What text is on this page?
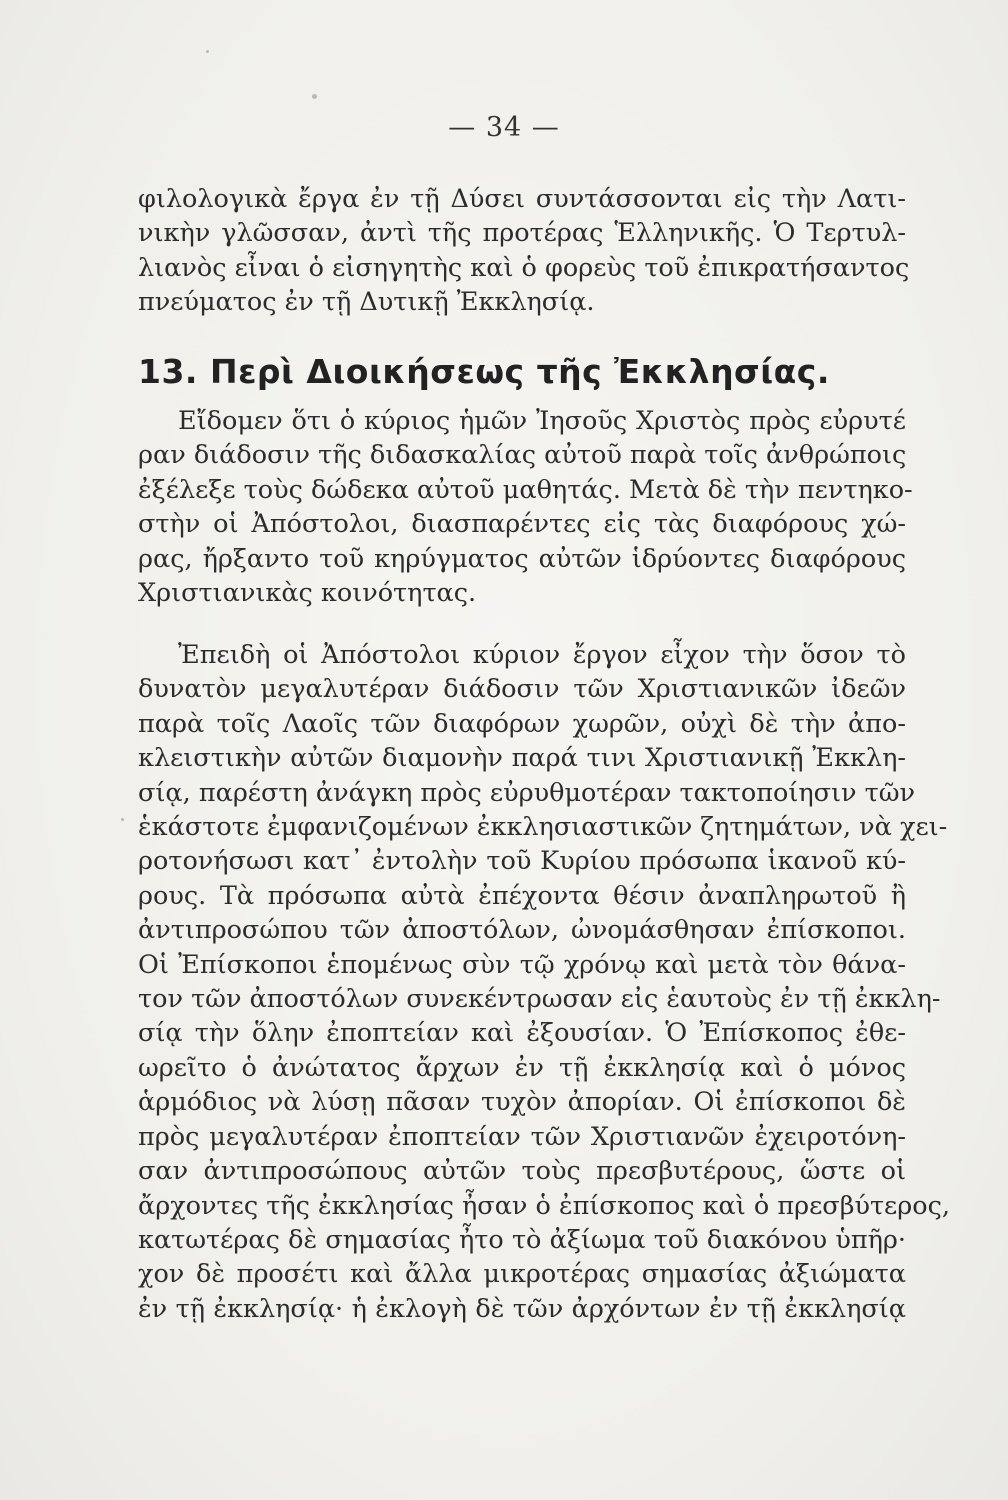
— 34 —
φιλολογικὰ ἔργα ἐν τῇ Δύσει συντάσσονται εἰς τὴν Λατι-
νικὴν γλῶσσαν, ἀντὶ τῆς προτέρας Ἑλληνικῆς. Ὁ Τερτυλ-
λιανὸς εἶναι ὁ εἰσηγητὴς καὶ ὁ φορεὺς τοῦ ἐπικρατήσαντος
πνεύματος ἐν τῇ Δυτικῇ Ἐκκλησίᾳ.
13. Περὶ Διοικήσεως τῆς Ἐκκλησίας.
Εἴδομεν ὅτι ὁ κύριος ἡμῶν Ἰησοῦς Χριστὸς πρὸς εὐρυτέ
ραν διάδοσιν τῆς διδασκαλίας αὐτοῦ παρὰ τοῖς ἀνθρώποις
ἐξέλεξε τοὺς δώδεκα αὐτοῦ μαθητάς. Μετὰ δὲ τὴν πεντηκο-
στὴν οἱ Ἀπόστολοι, διασπαρέντες εἰς τὰς διαφόρους χώ-
ρας, ἤρξαντο τοῦ κηρύγματος αὐτῶν ἱδρύοντες διαφόρους
Χριστιανικὰς κοινότητας.
Ἐπειδὴ οἱ Ἀπόστολοι κύριον ἔργον εἶχον τὴν ὅσον τὸ
δυνατὸν μεγαλυτέραν διάδοσιν τῶν Χριστιανικῶν ἰδεῶν
παρὰ τοῖς Λαοῖς τῶν διαφόρων χωρῶν, οὐχὶ δὲ τὴν ἀπο-
κλειστικὴν αὐτῶν διαμονὴν παρά τινι Χριστιανικῇ Ἐκκλη-
σίᾳ, παρέστη ἀνάγκη πρὸς εὐρυθμοτέραν τακτοποίησιν τῶν
ἑκάστοτε ἐμφανιζομένων ἐκκλησιαστικῶν ζητημάτων, νὰ χει-
ροτονήσωσι κατ᾽ ἐντολὴν τοῦ Κυρίου πρόσωπα ἱκανοῦ κύ-
ρους. Τὰ πρόσωπα αὐτὰ ἐπέχοντα θέσιν ἀναπληρωτοῦ ἢ
ἀντιπροσώπου τῶν ἀποστόλων, ὠνομάσθησαν ἐπίσκοποι.
Οἱ Ἐπίσκοποι ἑπομένως σὺν τῷ χρόνῳ καὶ μετὰ τὸν θάνα-
τον τῶν ἀποστόλων συνεκέντρωσαν εἰς ἑαυτοὺς ἐν τῇ ἐκκλη-
σίᾳ τὴν ὅλην ἐποπτείαν καὶ ἐξουσίαν. Ὁ Ἐπίσκοπος ἐθε-
ωρεῖτο ὁ ἀνώτατος ἄρχων ἐν τῇ ἐκκλησίᾳ καὶ ὁ μόνος
ἁρμόδιος νὰ λύσῃ πᾶσαν τυχὸν ἀπορίαν. Οἱ ἐπίσκοποι δὲ
πρὸς μεγαλυτέραν ἐποπτείαν τῶν Χριστιανῶν ἐχειροτόνη-
σαν ἀντιπροσώπους αὐτῶν τοὺς πρεσβυτέρους, ὥστε οἱ
ἄρχοντες τῆς ἐκκλησίας ἦσαν ὁ ἐπίσκοπος καὶ ὁ πρεσβύτερος,
κατωτέρας δὲ σημασίας ἦτο τὸ ἀξίωμα τοῦ διακόνου ὑπῆρ·
χον δὲ προσέτι καὶ ἄλλα μικροτέρας σημασίας ἀξιώματα
ἐν τῇ ἐκκλησίᾳ· ἡ ἐκλογὴ δὲ τῶν ἀρχόντων ἐν τῇ ἐκκλησίᾳ
